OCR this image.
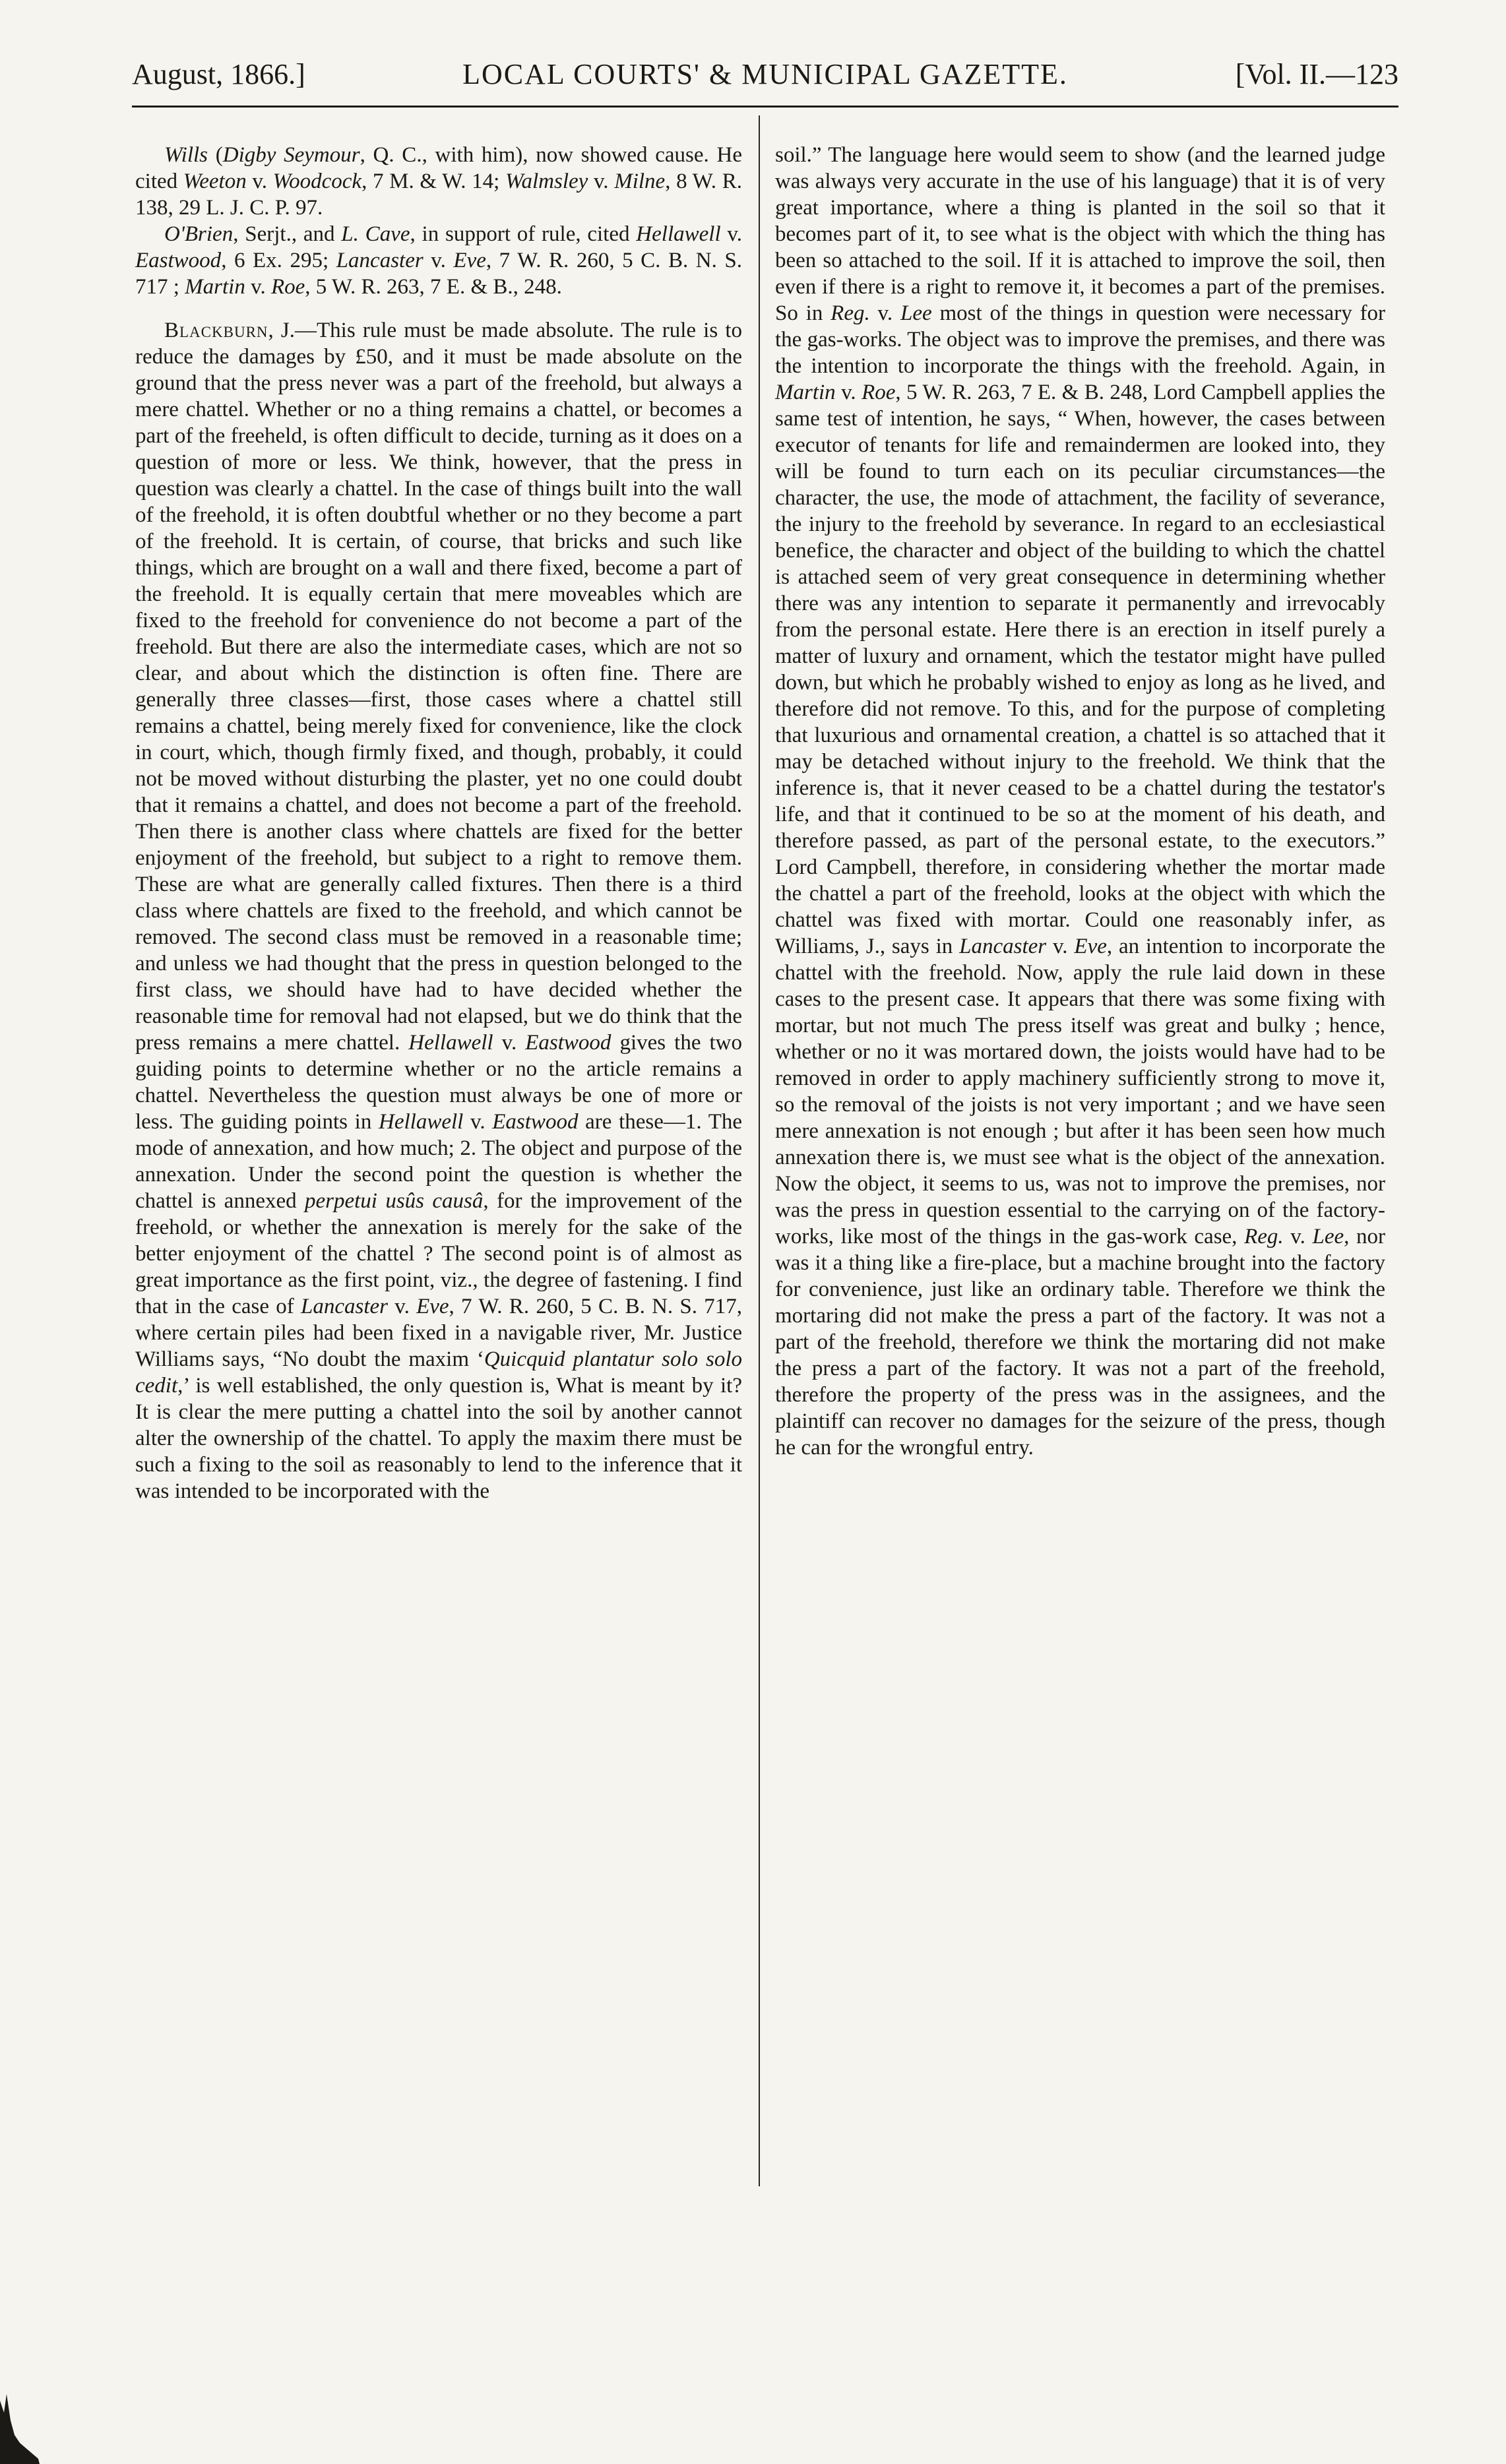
August, 1866.]	LOCAL COURTS' & MUNICIPAL GAZETTE.	[Vol. II.—123

Wills (Digby Seymour, Q. C., with him), now showed cause. He cited Weeton v. Woodcock, 7 M. & W. 14; Walmsley v. Milne, 8 W. R. 138, 29 L. J. C. P. 97.

O'Brien, Serjt., and L. Cave, in support of rule, cited Hellawell v. Eastwood, 6 Ex. 295; Lancaster v. Eve, 7 W. R. 260, 5 C. B. N. S. 717 ; Martin v. Roe, 5 W. R. 263, 7 E. & B., 248.

Blackburn, J.—This rule must be made absolute. The rule is to reduce the damages by £50, and it must be made absolute on the ground that the press never was a part of the freehold, but always a mere chattel. Whether or no a thing remains a chattel, or becomes a part of the freeheld, is often difficult to decide, turning as it does on a question of more or less. We think, however, that the press in question was clearly a chattel. In the case of things built into the wall of the freehold, it is often doubtful whether or no they become a part of the freehold. It is certain, of course, that bricks and such like things, which are brought on a wall and there fixed, become a part of the freehold. It is equally certain that mere moveables which are fixed to the freehold for convenience do not become a part of the freehold. But there are also the intermediate cases, which are not so clear, and about which the distinction is often fine. There are generally three classes—first, those cases where a chattel still remains a chattel, being merely fixed for convenience, like the clock in court, which, though firmly fixed, and though, probably, it could not be moved without disturbing the plaster, yet no one could doubt that it remains a chattel, and does not become a part of the freehold. Then there is another class where chattels are fixed for the better enjoyment of the freehold, but subject to a right to remove them. These are what are generally called fixtures. Then there is a third class where chattels are fixed to the freehold, and which cannot be removed. The second class must be removed in a reasonable time; and unless we had thought that the press in question belonged to the first class, we should have had to have decided whether the reasonable time for removal had not elapsed, but we do think that the press remains a mere chattel. Hellawell v. Eastwood gives the two guiding points to determine whether or no the article remains a chattel. Nevertheless the question must always be one of more or less. The guiding points in Hellawell v. Eastwood are these—1. The mode of annexation, and how much; 2. The object and purpose of the annexation. Under the second point the question is whether the chattel is annexed perpetui usûs causâ, for the improvement of the freehold, or whether the annexation is merely for the sake of the better enjoyment of the chattel ? The second point is of almost as great importance as the first point, viz., the degree of fastening. I find that in the case of Lancaster v. Eve, 7 W. R. 260, 5 C. B. N. S. 717, where certain piles had been fixed in a navigable river, Mr. Justice Williams says, “No doubt the maxim ‘Quicquid plantatur solo solo cedit,’ is well established, the only question is, What is meant by it? It is clear the mere putting a chattel into the soil by another cannot alter the ownership of the chattel. To apply the maxim there must be such a fixing to the soil as reasonably to lend to the inference that it was intended to be incorporated with the

soil.” The language here would seem to show (and the learned judge was always very accurate in the use of his language) that it is of very great importance, where a thing is planted in the soil so that it becomes part of it, to see what is the object with which the thing has been so attached to the soil. If it is attached to improve the soil, then even if there is a right to remove it, it becomes a part of the premises. So in Reg. v. Lee most of the things in question were necessary for the gas-works. The object was to improve the premises, and there was the intention to incorporate the things with the freehold. Again, in Martin v. Roe, 5 W. R. 263, 7 E. & B. 248, Lord Campbell applies the same test of intention, he says, “ When, however, the cases between executor of tenants for life and remaindermen are looked into, they will be found to turn each on its peculiar circumstances—the character, the use, the mode of attachment, the facility of severance, the injury to the freehold by severance. In regard to an ecclesiastical benefice, the character and object of the building to which the chattel is attached seem of very great consequence in determining whether there was any intention to separate it permanently and irrevocably from the personal estate. Here there is an erection in itself purely a matter of luxury and ornament, which the testator might have pulled down, but which he probably wished to enjoy as long as he lived, and therefore did not remove. To this, and for the purpose of completing that luxurious and ornamental creation, a chattel is so attached that it may be detached without injury to the freehold. We think that the inference is, that it never ceased to be a chattel during the testator's life, and that it continued to be so at the moment of his death, and therefore passed, as part of the personal estate, to the executors.” Lord Campbell, therefore, in considering whether the mortar made the chattel a part of the freehold, looks at the object with which the chattel was fixed with mortar. Could one reasonably infer, as Williams, J., says in Lancaster v. Eve, an intention to incorporate the chattel with the freehold. Now, apply the rule laid down in these cases to the present case. It appears that there was some fixing with mortar, but not much The press itself was great and bulky ; hence, whether or no it was mortared down, the joists would have had to be removed in order to apply machinery sufficiently strong to move it, so the removal of the joists is not very important ; and we have seen mere annexation is not enough ; but after it has been seen how much annexation there is, we must see what is the object of the annexation. Now the object, it seems to us, was not to improve the premises, nor was the press in question essential to the carrying on of the factory-works, like most of the things in the gas-work case, Reg. v. Lee, nor was it a thing like a fire-place, but a machine brought into the factory for convenience, just like an ordinary table. Therefore we think the mortaring did not make the press a part of the factory. It was not a part of the freehold, therefore we think the mortaring did not make the press a part of the factory. It was not a part of the freehold, therefore the property of the press was in the assignees, and the plaintiff can recover no damages for the seizure of the press, though he can for the wrongful entry.
